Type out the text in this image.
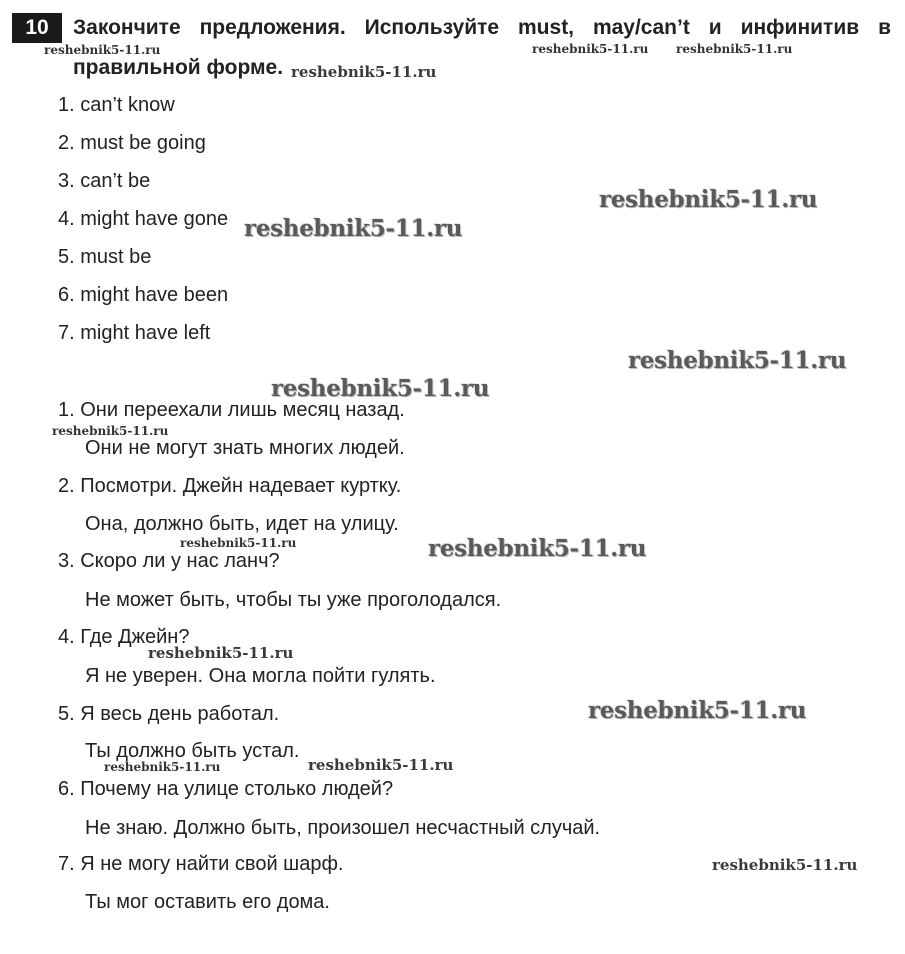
10	Закончите предложения. Используйте must, may/can’t и инфинитив в
правильной форме.
1. can’t know
2. must be going
3. can’t be
4. might have gone
5. must be
6. might have been
7. might have left
1. Они переехали лишь месяц назад.
Они не могут знать многих людей.
2. Посмотри. Джейн надевает куртку.
Она, должно быть, идет на улицу.
3. Скоро ли у нас ланч?
Не может быть, чтобы ты уже проголодался.
4. Где Джейн?
Я не уверен. Она могла пойти гулять.
5. Я весь день работал.
Ты должно быть устал.
6. Почему на улице столько людей?
Не знаю. Должно быть, произошел несчастный случай.
7. Я не могу найти свой шарф.
Ты мог оставить его дома.
reshebnik5-11.ru	reshebnik5-11.ru reshebnik5-11.ru
reshebnik5-11.ru
reshebnik5-11.ru
reshebnik5-11.ru
reshebnik5-11.ru
reshebnik5-11.ru
reshebnik5-11.ru
reshebnik5-11.ru	reshebnik5-11.ru
reshebnik5-11.ru
reshebnik5-11.ru
reshebnik5-11.ru	reshebnik5-11.ru
reshebnik5-11.ru
